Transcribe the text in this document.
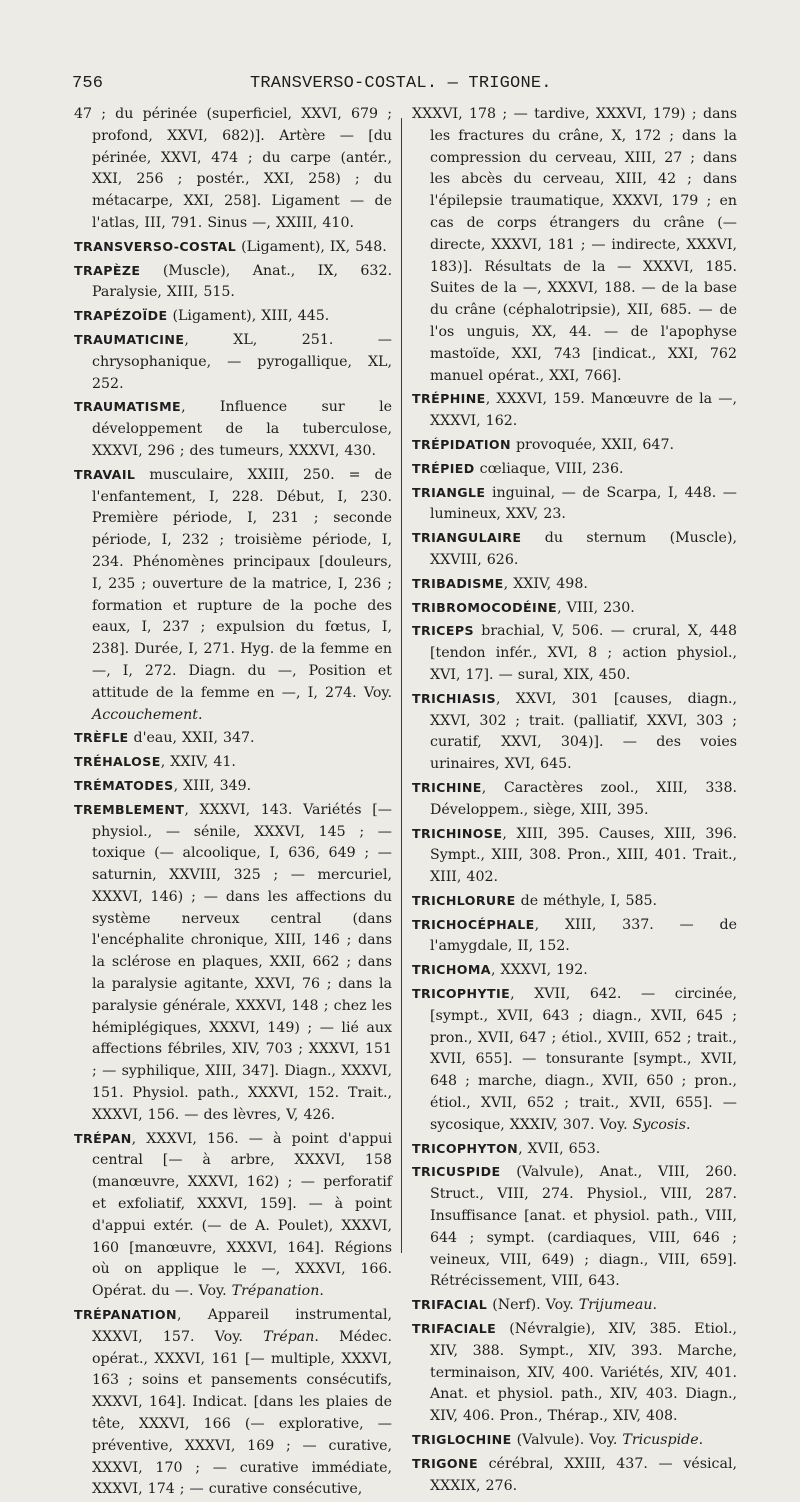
756	TRANSVERSO-COSTAL. — TRIGONE.

47 ; du périnée (superficiel, XXVI, 679 ; profond, XXVI, 682)]. Artère — [du périnée, XXVI, 474 ; du carpe (antér., XXI, 256 ; postér., XXI, 258) ; du métacarpe, XXI, 258]. Ligament — de l'atlas, III, 791. Sinus —, XXIII, 410.

TRANSVERSO-COSTAL (Ligament), IX, 548.

TRAPÈZE (Muscle), Anat., IX, 632. Paralysie, XIII, 515.

TRAPÉZOÏDE (Ligament), XIII, 445.

TRAUMATICINE, XL, 251. — chrysophanique, — pyrogallique, XL, 252.

TRAUMATISME, Influence sur le développement de la tuberculose, XXXVI, 296 ; des tumeurs, XXXVI, 430.

TRAVAIL musculaire, XXIII, 250. = de l'enfantement, I, 228. Début, I, 230. Première période, I, 231 ; seconde période, I, 232 ; troisième période, I, 234. Phénomènes principaux [douleurs, I, 235 ; ouverture de la matrice, I, 236 ; formation et rupture de la poche des eaux, I, 237 ; expulsion du fœtus, I, 238]. Durée, I, 271. Hyg. de la femme en —, I, 272. Diagn. du —, Position et attitude de la femme en —, I, 274. Voy. Accouchement.

TRÈFLE d'eau, XXII, 347.

TRÉHALOSE, XXIV, 41.

TRÉMATODES, XIII, 349.

TREMBLEMENT, XXXVI, 143. Variétés [— physiol., — sénile, XXXVI, 145 ; — toxique (— alcoolique, I, 636, 649 ; — saturnin, XXVIII, 325 ; — mercuriel, XXXVI, 146) ; — dans les affections du système nerveux central (dans l'encéphalite chronique, XIII, 146 ; dans la sclérose en plaques, XXII, 662 ; dans la paralysie agitante, XXVI, 76 ; dans la paralysie générale, XXXVI, 148 ; chez les hémiplégiques, XXXVI, 149) ; — lié aux affections fébriles, XIV, 703 ; XXXVI, 151 ; — syphilique, XIII, 347]. Diagn., XXXVI, 151. Physiol. path., XXXVI, 152. Trait., XXXVI, 156. — des lèvres, V, 426.

TRÉPAN, XXXVI, 156. — à point d'appui central [— à arbre, XXXVI, 158 (manœuvre, XXXVI, 162) ; — perforatif et exfoliatif, XXXVI, 159]. — à point d'appui extér. (— de A. Poulet), XXXVI, 160 [manœuvre, XXXVI, 164]. Régions où on applique le —, XXXVI, 166. Opérat. du —. Voy. Trépanation.

TRÉPANATION, Appareil instrumental, XXXVI, 157. Voy. Trépan. Médec. opérat., XXXVI, 161 [— multiple, XXXVI, 163 ; soins et pansements consécutifs, XXXVI, 164]. Indicat. [dans les plaies de tête, XXXVI, 166 (— explorative, — préventive, XXXVI, 169 ; — curative, XXXVI, 170 ; — curative immédiate, XXXVI, 174 ; — curative consécutive,

XXXVI, 178 ; — tardive, XXXVI, 179) ; dans les fractures du crâne, X, 172 ; dans la compression du cerveau, XIII, 27 ; dans les abcès du cerveau, XIII, 42 ; dans l'épilepsie traumatique, XXXVI, 179 ; en cas de corps étrangers du crâne (— directe, XXXVI, 181 ; — indirecte, XXXVI, 183)]. Résultats de la — XXXVI, 185. Suites de la —, XXXVI, 188. — de la base du crâne (céphalotripsie), XII, 685. — de l'os unguis, XX, 44. — de l'apophyse mastoïde, XXI, 743 [indicat., XXI, 762 manuel opérat., XXI, 766].

TRÉPHINE, XXXVI, 159. Manœuvre de la —, XXXVI, 162.

TRÉPIDATION provoquée, XXII, 647.

TRÉPIED cœliaque, VIII, 236.

TRIANGLE inguinal, — de Scarpa, I, 448. — lumineux, XXV, 23.

TRIANGULAIRE du sternum (Muscle), XXVIII, 626.

TRIBADISME, XXIV, 498.

TRIBROMOCODÉINE, VIII, 230.

TRICEPS brachial, V, 506. — crural, X, 448 [tendon infér., XVI, 8 ; action physiol., XVI, 17]. — sural, XIX, 450.

TRICHIASIS, XXVI, 301 [causes, diagn., XXVI, 302 ; trait. (palliatif, XXVI, 303 ; curatif, XXVI, 304)]. — des voies urinaires, XVI, 645.

TRICHINE, Caractères zool., XIII, 338. Développem., siège, XIII, 395.

TRICHINOSE, XIII, 395. Causes, XIII, 396. Sympt., XIII, 308. Pron., XIII, 401. Trait., XIII, 402.

TRICHLORURE de méthyle, I, 585.

TRICHOCÉPHALE, XIII, 337. — de l'amygdale, II, 152.

TRICHOMA, XXXVI, 192.

TRICOPHYTIE, XVII, 642. — circinée, [sympt., XVII, 643 ; diagn., XVII, 645 ; pron., XVII, 647 ; étiol., XVIII, 652 ; trait., XVII, 655]. — tonsurante [sympt., XVII, 648 ; marche, diagn., XVII, 650 ; pron., étiol., XVII, 652 ; trait., XVII, 655]. — sycosique, XXXIV, 307. Voy. Sycosis.

TRICOPHYTON, XVII, 653.

TRICUSPIDE (Valvule), Anat., VIII, 260. Struct., VIII, 274. Physiol., VIII, 287. Insuffisance [anat. et physiol. path., VIII, 644 ; sympt. (cardiaques, VIII, 646 ; veineux, VIII, 649) ; diagn., VIII, 659]. Rétrécissement, VIII, 643.

TRIFACIAL (Nerf). Voy. Trijumeau.

TRIFACIALE (Névralgie), XIV, 385. Etiol., XIV, 388. Sympt., XIV, 393. Marche, terminaison, XIV, 400. Variétés, XIV, 401. Anat. et physiol. path., XIV, 403. Diagn., XIV, 406. Pron., Thérap., XIV, 408.

TRIGLOCHINE (Valvule). Voy. Tricuspide.

TRIGONE cérébral, XXIII, 437. — vésical, XXXIX, 276.
